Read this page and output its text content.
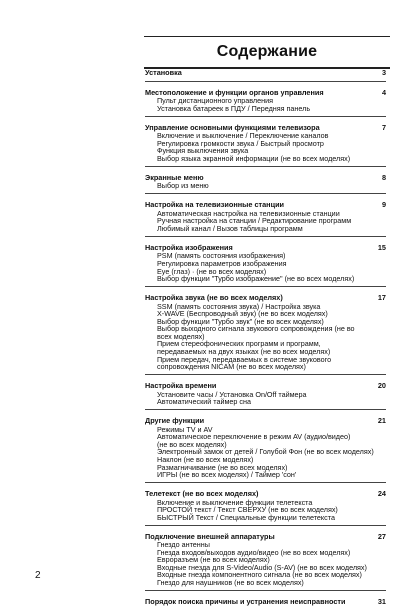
Содержание
Установка	3
Местоположение и функции органов управления	4
Пульт дистанционного управления
Установка батареек в ПДУ / Передняя панель
Управление основными функциями телевизора	7
Включение и выключение / Переключение каналов
Регулировка громкости звука / Быстрый просмотр
Функция выключения звука
Выбор языка экранной информации (не во всех моделях)
Экранные меню	8
Выбор из меню
Настройка на телевизионные станции	9
Автоматическая настройка на телевизионные станции
Ручная настройка на станции / Редактирование программ
Любимый канал / Вызов таблицы программ
Настройка изображения	15
PSM (память состояния изображения)
Регулировка параметров изображения
Eye (глаз) · (не во всех моделях)
Выбор функции "Турбо изображение" (не во всех моделях)
Настройка звука (не во всех моделях)	17
SSM (память состояния звука) / Настройка звука
X-WAVE (Беспроводный звук) (не во всех моделях)
Выбор функции "Турбо звук" (не во всех моделях)
Выбор выходного сигнала звукового сопровождения (не во
всех моделях)
Прием стереофонических программ и программ,
передаваемых на двух языках (не во всех моделях)
Прием передач, передаваемых в системе звукового
сопровождения NICAM (не во всех моделях)
Настройка времени	20
Установите часы / Установка On/Off таймера
Автоматический таймер сна
Другие функции	21
Режимы TV и AV
Автоматическое переключение в режим AV (аудио/видео)
(не во всех моделях)
Электронный замок от детей / Голубой Фон (не во всех моделях)
Наклон (не во всех моделях)
Размагничивание (не во всех моделях)
ИГРЫ (не во всех моделях) / Таймер 'сон'
Телетекст (не во всех моделях)	24
Включение и выключение функции телетекста
ПРОСТОЙ текст / Текст СВЕРХУ (не во всех моделях)
БЫСТРЫЙ Текст / Специальные функции телетекста
Подключение внешней аппаратуры	27
Гнездо антенны
Гнезда входов/выходов аудио/видео (не во всех моделях)
Евроразъем (не во всех моделях)
Входные гнезда для S-Video/Audio (S-AV) (не во всех моделях)
Входные гнезда компонентного сигнала (не во всех моделях)
Гнездо для наушников (не во всех моделях)
Порядок поиска причины и устранения неисправности	31
2
